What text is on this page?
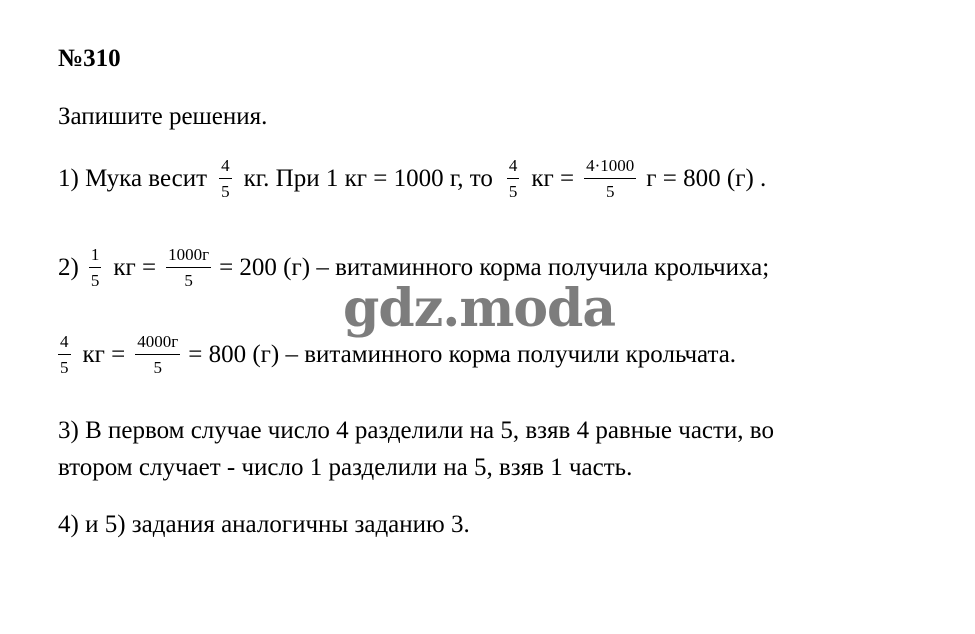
№310
Запишите решения.
1) Мука весит $\frac{4}{5}$ кг. При 1 кг = 1000 г, то $\frac{4}{5}$ кг = $\frac{4\cdot 1000}{5}$ г = 800 (г) .
$2) \frac{1}{5}$ кг = $\frac{1000г}{5} = 200$ (г) – витаминного корма получила крольчиха;
$\frac{4}{5}$ кг = $\frac{4000г}{5} = 800$ (г) – витаминного корма получили крольчата.
3) В первом случае число 4 разделили на 5, взяв 4 равные части, во
втором случает - число 1 разделили на 5, взяв 1 часть.
4) и 5) задания аналогичны заданию 3.
gdz.moda
